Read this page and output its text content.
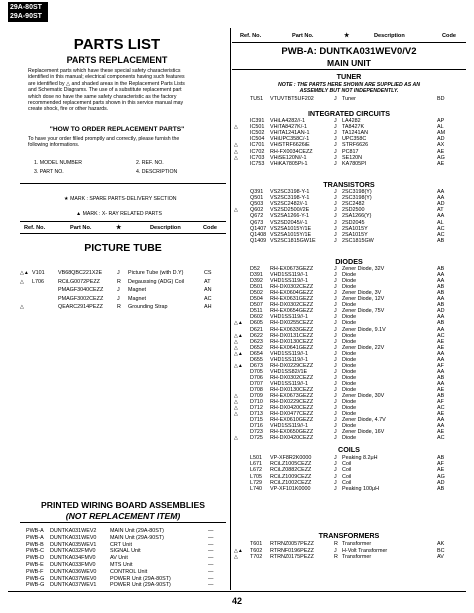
29A-80ST
29A-90ST
Ref. No.	Part No.	★	Description	Code
PARTS LIST
PARTS REPLACEMENT
Replacement parts which have these special safety characteristics
identified in this manual; electrical components having such features
are identified by △ and shaded areas in the Replacement Parts Lists
and Schematic Diagrams. The use of a substitute replacement part
which dose no have the same safety characteristic as the factory
recommended replacement parts shown in this service manual may
create shock, fire or other hazards.
"HOW TO ORDER REPLACEMENT PARTS"
To have your order filled promptly and correctly, please furnish the
following informations.
1. MODEL NUMBER	2. REF. NO.
3. PART NO.	4. DESCRIPTION
★ MARK : SPARE PARTS-DELIVERY SECTION
▲ MARK : X- RAY RELATED PARTS
Ref. No.	Part No.	★	Description	Code
PICTURE TUBE
△▲ V101 VB68QBC221X2E	J Picture Tube (with D.Y)	CS
△ L706	RCiLG0072PEZZ	R Degaussing (ADG) Coil	AT
PMAGF3040CEZZ	J Magnet	AN
PMAGF3002CEZZ	J Magnet	AC
△	QEARC2914PEZZ	R Grounding Strap	AH
PRINTED WIRING BOARD ASSEMBLIES
(NOT REPLACEMENT ITEM)
PWB-A DUNTKA031WEV2	MAIN Unit (29A-80ST)	—
PWB-A DUNTKA031WEV0	MAIN Unit (29A-90ST)	—
PWB-B DUNTKA035WEV1	CRT Unit	—
PWB-C DUNTKA032FMV0	SIGNAL Unit	—
PWB-D DUNTKA034FMV0	AV Unit	—
PWB-E DUNTKA033FMV0	MTS Unit	—
PWB-F DUNTKA036WEV0	CONTROL Unit	—
PWB-G DUNTKA037WEV0	POWER Unit (29A-80ST)	—
PWB-G DUNTKA037WEV1	POWER Unit (29A-90ST)	—
PWB-A: DUNTKA031WEV0/V2
MAIN UNIT
TUNER
NOTE : THE PARTS HERE SHOWN ARE SUPPLIED AS AN
ASSEMBLY BUT NOT INDEPENDENTLY.
TU51 VTUVTBT5UF202	J Tuner	BD
INTEGRATED CIRCUITS
IC391 VHiLA4282//-1	J LA4282	AP
△ IC501 VHiTA8427K/-1	J TA8427K	AL
IC502 VHiTA1241AN-1	J TA1241AN	AM
IC504 VHiUPC358C/-1	J UPC358C	AD
△ IC701 VHiSTRF6626iE	J STRF6626	AX
△ IC702 RH-FX0034CEZZ	J PC817	AE
△ IC703 VHiSE120N//-1	J SE120N	AG
IC753 VHiKA7805Pi-1	J KA7805PI	AE
TRANSISTORS
Q391 VS2SC3198-Y-1	J 2SC3198(Y)	AA
Q501 VS2SC3198-Y-1	J 2SC3198(Y)	AA
Q503 VS2SC2482//-1	J 2SC2482	AD
△ Q602 VS2SD2500//2E	J 2SD2500	AT
Q672 VS2SA1266-Y-1	J 2SA1266(Y)	AA
Q673 VS2SD2045//-1	J 2SD2045	AL
Q1407 VS2SA1015Y/1E	J 2SA1015Y	AC
Q1408 VS2SA1015Y/1E	J 2SA1015Y	AC
Q1409 VS2SC1815GW1E	J 2SC1815GW	AB
DIODES
D52 RH-EX0673GEZZ	J Zener Diode, 32V	AB
D391 VHD1SS119//-1	J Diode	AA
D392 VHD1SS119//-1	J Diode	AA
D501 RH-DX0302CEZZ	J Diode	AB
D502 RH-EX0604GEZZ	J Zener Diode, 3V	AB
D504 RH-EX0631GEZZ	J Zener Diode, 12V	AA
D507 RH-DX0302CEZZ	J Diode	AB
D511 RH-EX0654GEZZ	J Zener Diode, 75V	AD
D602 VHD1SS119//-1	J Diode	AA
△▲ D605 RH-DX0255CEZZ	J Diode	AB
D621 RH-EX0633GEZZ	J Zener Diode, 9.1V	AA
△▲ D622 RH-DX0131CEZZ	J Diode	AC
△ D623 RH-DX0130CEZZ	J Diode	AE
△ D652 RH-EX0641GEZZ	J Zener Diode, 22V	AE
△▲ D654 VHD1SS119//-1	J Diode	AA
D655 VHD1SS119//-1	J Diode	AA
△▲ D673 RH-DX0229CEZZ	J Diode	AF
D705 VHD1SS82//1E	J Diode	AA
D706 RH-DX0302CEZZ	J Diode	AB
D707 VHD1SS119//-1	J Diode	AA
D708 RH-DX0130CEZZ	J Diode	AE
△ D709 RH-EX0673GEZZ	J Zener Diode, 30V	AB
△ D710 RH-DX0229CEZZ	J Diode	AF
△ D712 RH-DX0420CEZZ	J Diode	AC
△ D713 RH-DX0477CEZZ	J Diode	AE
D715 RH-EX0610GEZZ	J Zener Diode, 4.7V	AA
D716 VHD1SS119//-1	J Diode	AA
D723 RH-EX0650GEZZ	J Zener Diode, 16V	AE
△ D725 RH-DX0420CEZZ	J Diode	AC
COILS
L501 VP-XF8R2K0000	J Peaking 8.2μH	AB
L671 RCiLZ1005CEZZ	J Coil	AF
L672 RCiLZ0882CEZZ	J Coil	AE
L705 RCiLZ1009CEZZ	J Coil	AG
L729 RCiLZ1002CEZZ	J Coil	AD
L740 VP-XF101K0000	J Peaking 100μH	AB
TRANSFORMERS
T601 RTRNZ0057PEZZ	R Transformer	AK
△▲ T602 RTRNF0196PEZZ	J H-Volt Transformer	BC
△ T702 RTRNZ0175PEZZ	R Transformer	AV
42
